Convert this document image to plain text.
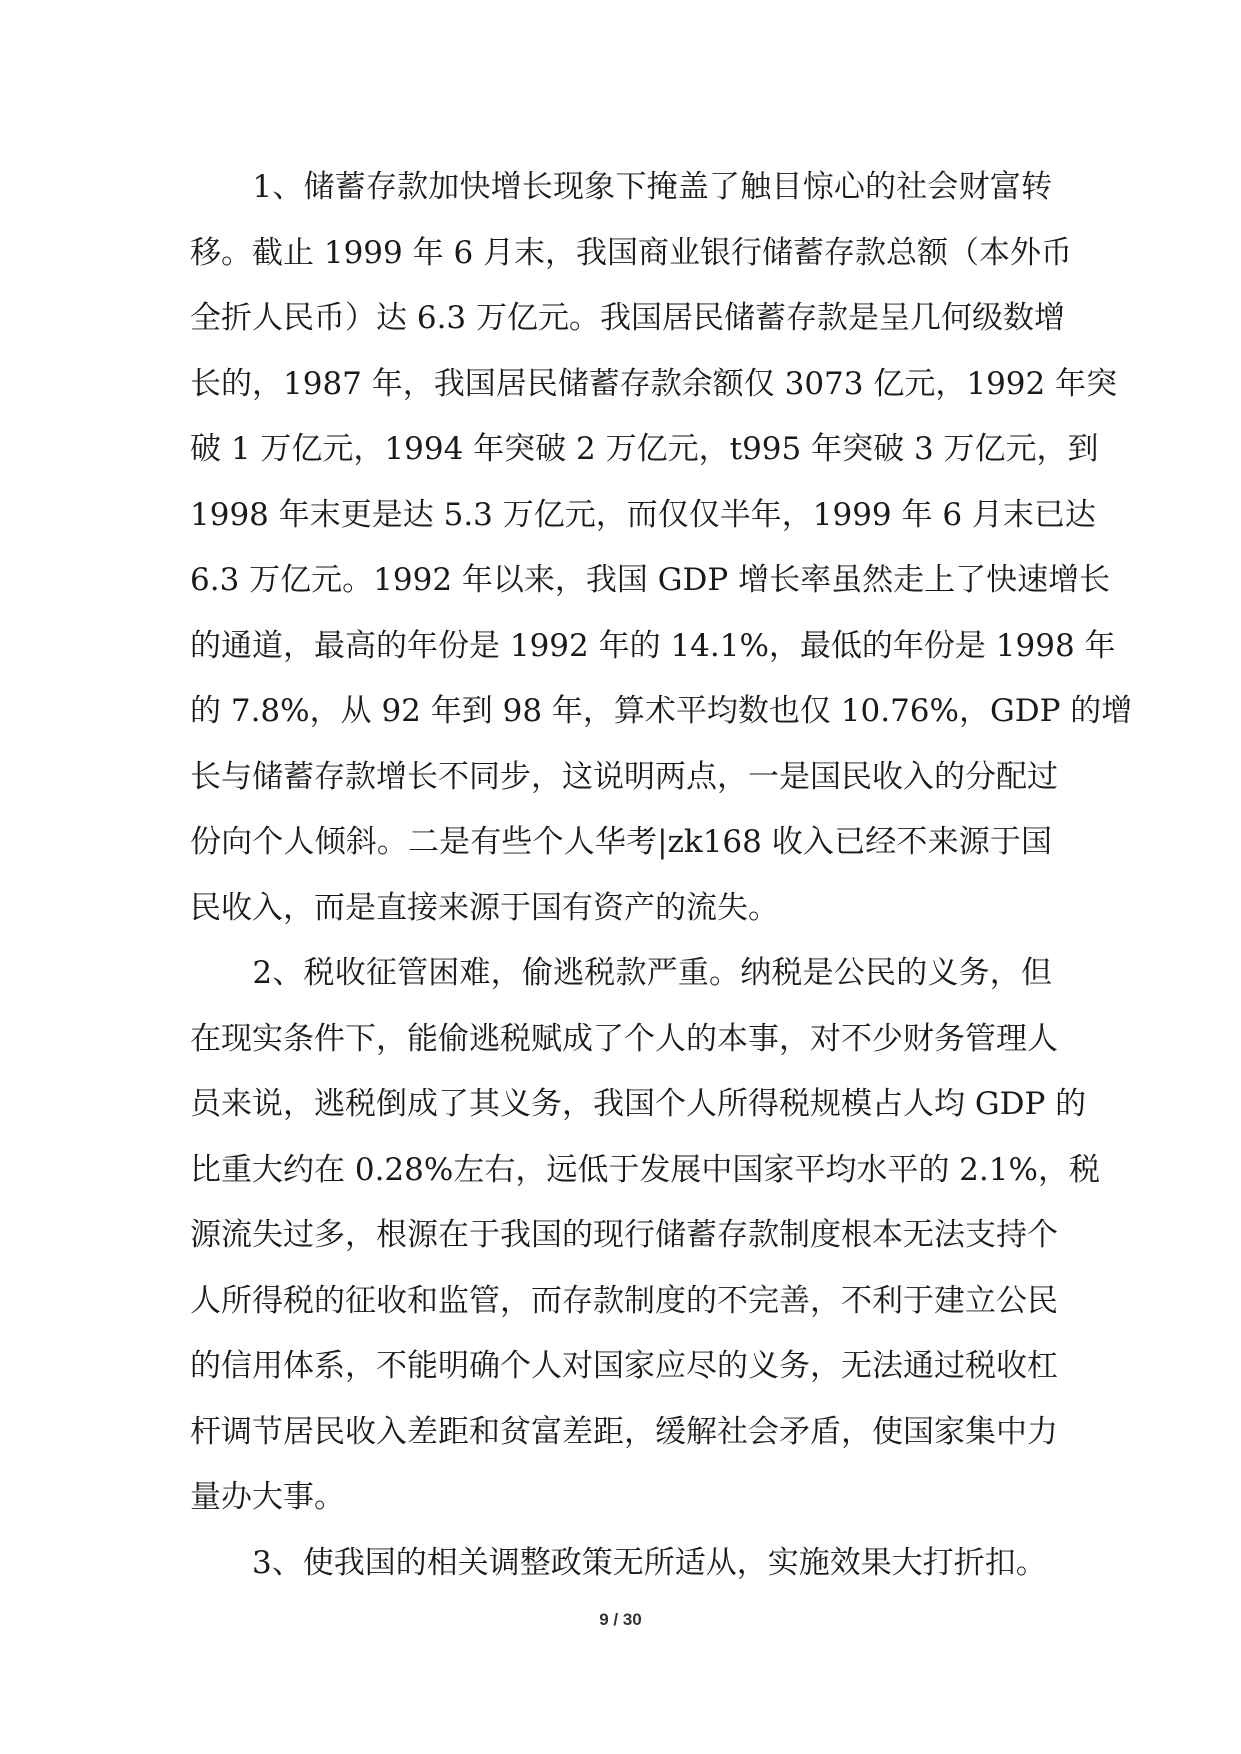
　　1、储蓄存款加快增长现象下掩盖了触目惊心的社会财富转
移。截止 1999 年 6 月末，我国商业银行储蓄存款总额（本外币
全折人民币）达 6.3 万亿元。我国居民储蓄存款是呈几何级数增
长的，1987 年，我国居民储蓄存款余额仅 3073 亿元，1992 年突
破 1 万亿元，1994 年突破 2 万亿元，t995 年突破 3 万亿元，到
1998 年末更是达 5.3 万亿元，而仅仅半年，1999 年 6 月末已达
6.3 万亿元。1992 年以来，我国 GDP 增长率虽然走上了快速增长
的通道，最高的年份是 1992 年的 14.1%，最低的年份是 1998 年
的 7.8%，从 92 年到 98 年，算术平均数也仅 10.76%，GDP 的增
长与储蓄存款增长不同步，这说明两点，一是国民收入的分配过
份向个人倾斜。二是有些个人华考|zk168 收入已经不来源于国
民收入，而是直接来源于国有资产的流失。
　　2、税收征管困难，偷逃税款严重。纳税是公民的义务，但
在现实条件下，能偷逃税赋成了个人的本事，对不少财务管理人
员来说，逃税倒成了其义务，我国个人所得税规模占人均 GDP 的
比重大约在 0.28%左右，远低于发展中国家平均水平的 2.1%，税
源流失过多，根源在于我国的现行储蓄存款制度根本无法支持个
人所得税的征收和监管，而存款制度的不完善，不利于建立公民
的信用体系，不能明确个人对国家应尽的义务，无法通过税收杠
杆调节居民收入差距和贫富差距，缓解社会矛盾，使国家集中力
量办大事。
　　3、使我国的相关调整政策无所适从，实施效果大打折扣。
9 / 30
